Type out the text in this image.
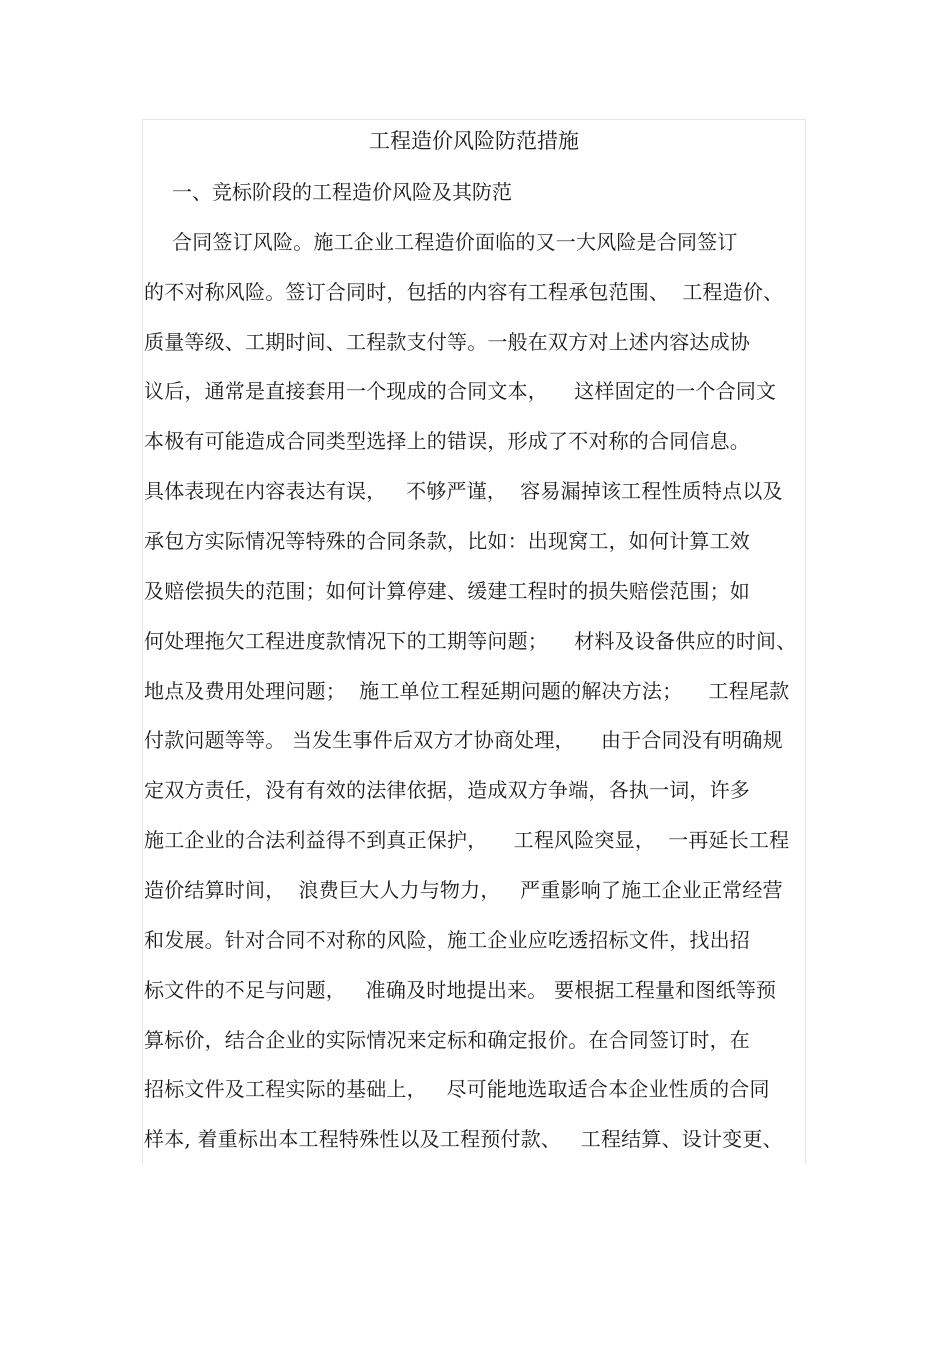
工程造价风险防范措施
一、竞标阶段的工程造价风险及其防范
合同签订风险。施工企业工程造价面临的又一大风险是合同签订
的不对称风险。签订合同时，包括的内容有工程承包范围、  工程造价、
质量等级、工期时间、工程款支付等。一般在双方对上述内容达成协
议后，通常是直接套用一个现成的合同文本，    这样固定的一个合同文
本极有可能造成合同类型选择上的错误，形成了不对称的合同信息。
具体表现在内容表达有误，   不够严谨，  容易漏掉该工程性质特点以及
承包方实际情况等特殊的合同条款，比如：出现窝工，如何计算工效
及赔偿损失的范围；如何计算停建、缓建工程时的损失赔偿范围；如
何处理拖欠工程进度款情况下的工期等问题；    材料及设备供应的时间、
地点及费用处理问题；  施工单位工程延期问题的解决方法；    工程尾款
付款问题等等。 当发生事件后双方才协商处理，    由于合同没有明确规
定双方责任，没有有效的法律依据，造成双方争端，各执一词，许多
施工企业的合法利益得不到真正保护，    工程风险突显，  一再延长工程
造价结算时间，  浪费巨大人力与物力，   严重影响了施工企业正常经营
和发展。针对合同不对称的风险，施工企业应吃透招标文件，找出招
标文件的不足与问题，   准确及时地提出来。 要根据工程量和图纸等预
算标价，结合企业的实际情况来定标和确定报价。在合同签订时，在
招标文件及工程实际的基础上，   尽可能地选取适合本企业性质的合同
样本, 着重标出本工程特殊性以及工程预付款、   工程结算、设计变更、
